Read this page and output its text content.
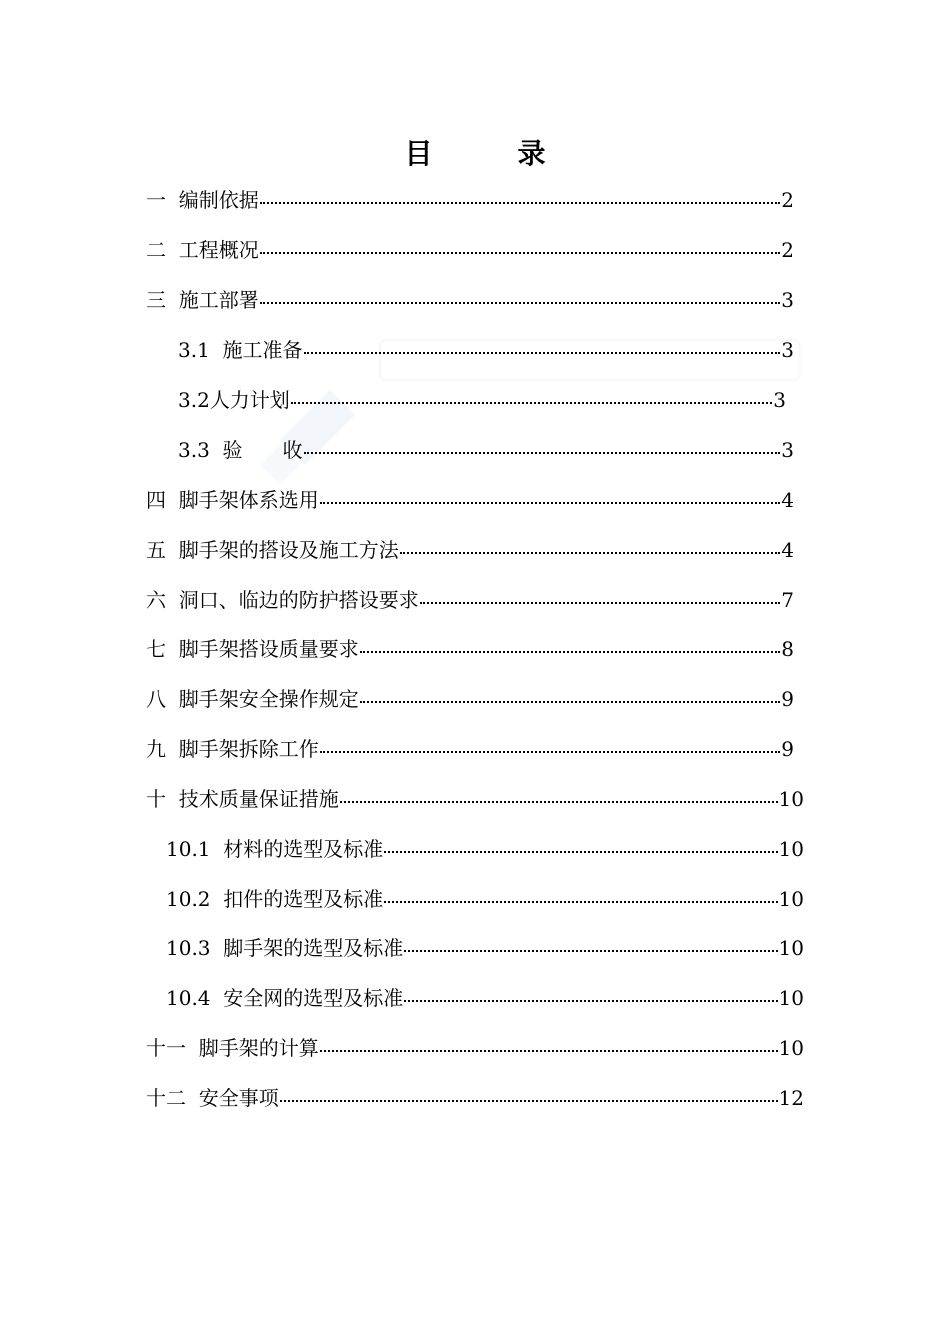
目	录
一 编制依据	2
二 工程概况	2
三 施工部署	3
3.1 施工准备	3
3.2人力计划	3
3.3 验　　收	3
四 脚手架体系选用	4
五 脚手架的搭设及施工方法	4
六 洞口、临边的防护搭设要求	7
七 脚手架搭设质量要求	8
八 脚手架安全操作规定	9
九 脚手架拆除工作	9
十 技术质量保证措施	10
10.1 材料的选型及标准	10
10.2 扣件的选型及标准	10
10.3 脚手架的选型及标准	10
10.4 安全网的选型及标准	10
十一 脚手架的计算	10
十二 安全事项	12
